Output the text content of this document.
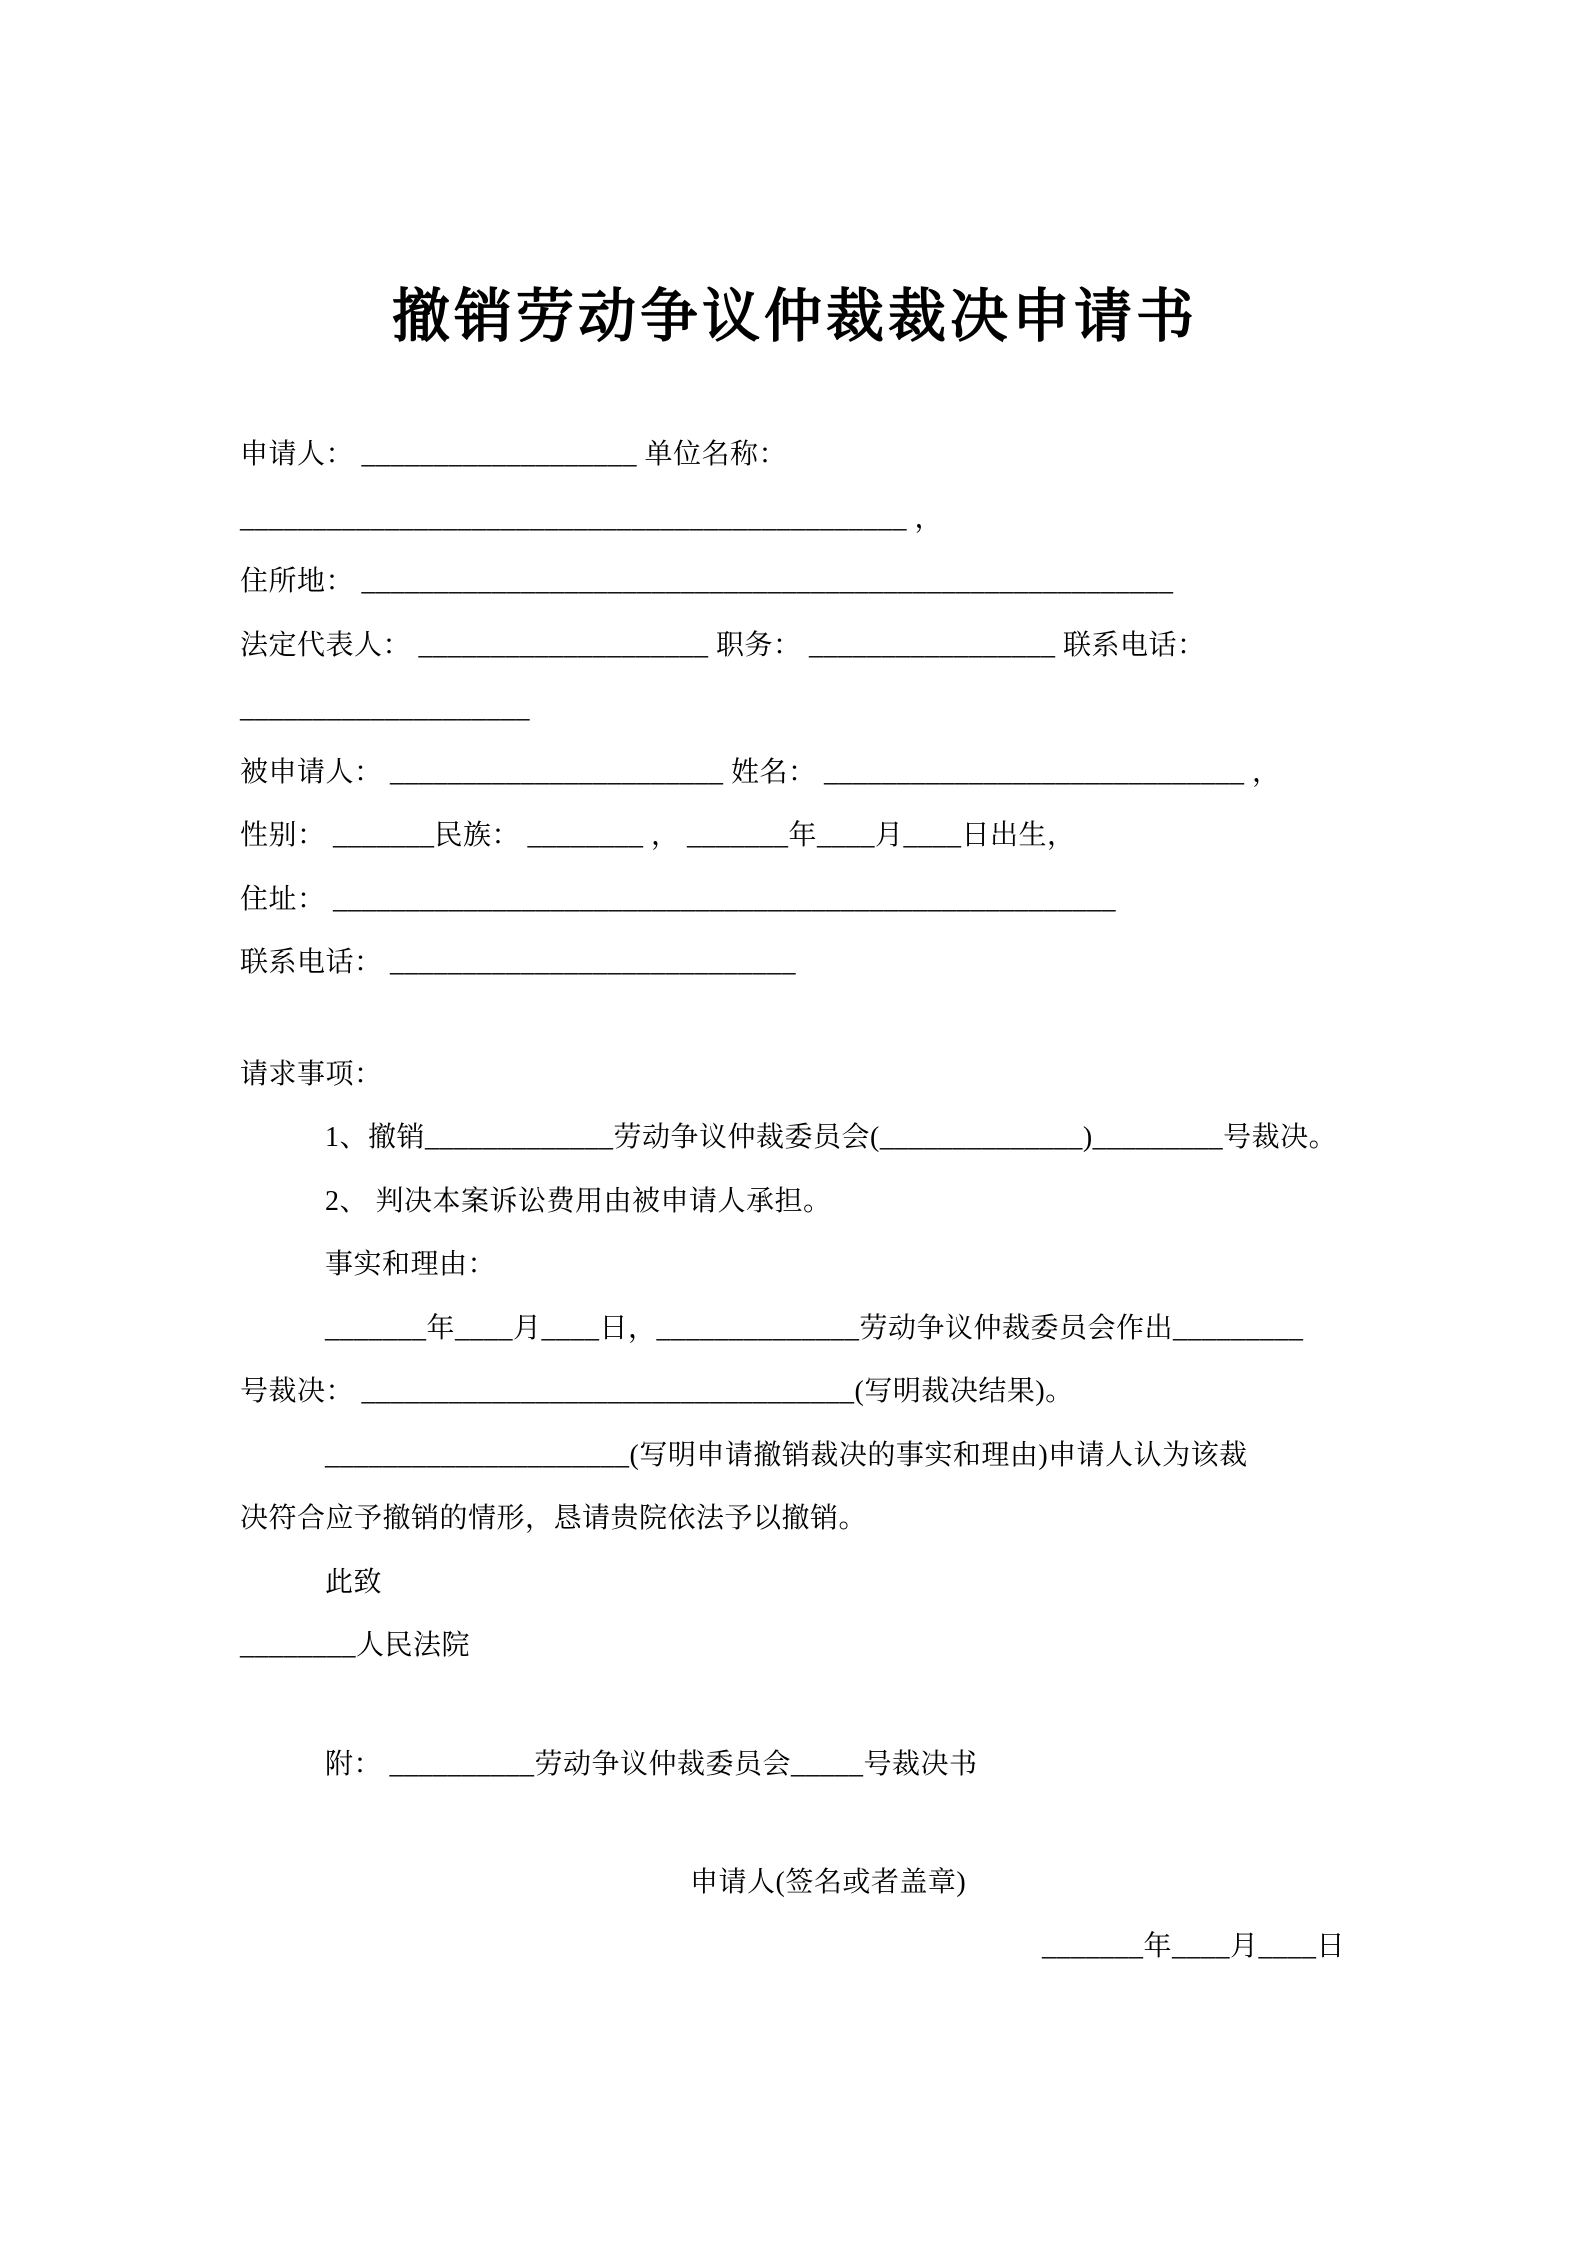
撤销劳动争议仲裁裁决申请书
申请人： ___________________ 单位名称：
______________________________________________ ，
住所地： ________________________________________________________
法定代表人： ____________________ 职务： _________________ 联系电话：
____________________
被申请人： _______________________ 姓名： _____________________________ ，
性别： _______民族： ________ ， _______年____月____日出生，
住址： ______________________________________________________
联系电话： ____________________________
请求事项：
1、撤销_____________劳动争议仲裁委员会(______________)_________号裁决。
2、 判决本案诉讼费用由被申请人承担。
事实和理由：
_______年____月____日，______________劳动争议仲裁委员会作出_________
号裁决： __________________________________(写明裁决结果)。
_____________________(写明申请撤销裁决的事实和理由)申请人认为该裁
决符合应予撤销的情形，恳请贵院依法予以撤销。
此致
________人民法院
附： __________劳动争议仲裁委员会_____号裁决书
申请人(签名或者盖章)
_______年____月____日
